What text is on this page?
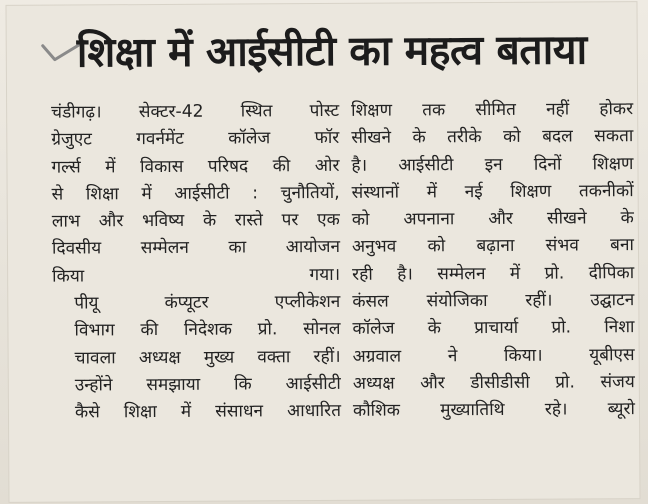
शिक्षा में आईसीटी का महत्व बताया

चंडीगढ़। सेक्टर-42 स्थित पोस्ट
ग्रेजुएट गवर्नमेंट कॉलेज फॉर
गर्ल्स में विकास परिषद की ओर
से शिक्षा में आईसीटी : चुनौतियों,
लाभ और भविष्य के रास्ते पर एक
दिवसीय सम्मेलन का आयोजन
किया गया।

पीयू कंप्यूटर एप्लीकेशन
विभाग की निदेशक प्रो. सोनल
चावला अध्यक्ष मुख्य वक्ता रहीं।
उन्होंने समझाया कि आईसीटी
कैसे शिक्षा में संसाधन आधारित

शिक्षण तक सीमित नहीं होकर
सीखने के तरीके को बदल सकता
है। आईसीटी इन दिनों शिक्षण
संस्थानों में नई शिक्षण तकनीकों
को अपनाना और सीखने के
अनुभव को बढ़ाना संभव बना
रही है। सम्मेलन में प्रो. दीपिका
कंसल संयोजिका रहीं। उद्घाटन
कॉलेज के प्राचार्या प्रो. निशा
अग्रवाल ने किया। यूबीएस
अध्यक्ष और डीसीडीसी प्रो. संजय
कौशिक मुख्यातिथि रहे। ब्यूरो
